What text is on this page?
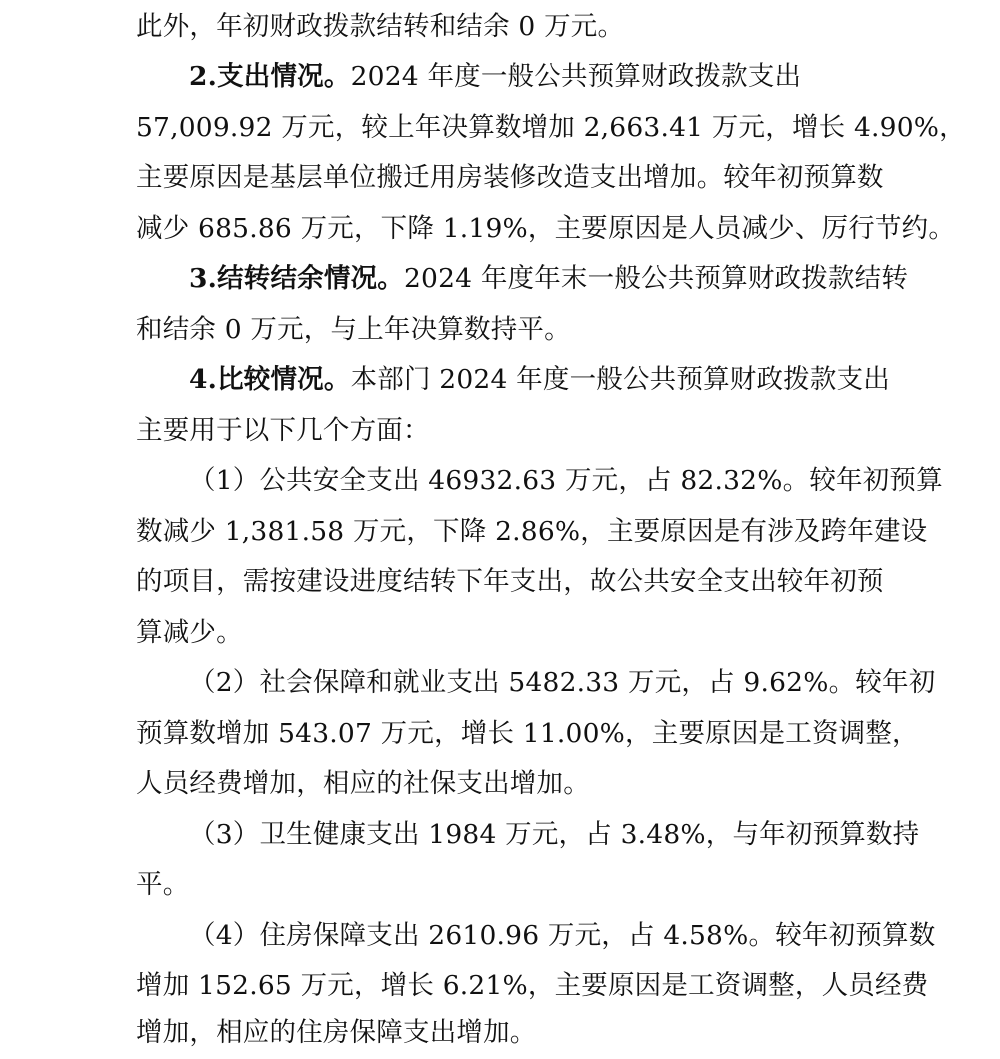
此外，年初财政拨款结转和结余 0 万元。
2.支出情况。2024 年度一般公共预算财政拨款支出
57,009.92 万元，较上年决算数增加 2,663.41 万元，增长 4.90%，
主要原因是基层单位搬迁用房装修改造支出增加。较年初预算数
减少 685.86 万元，下降 1.19%，主要原因是人员减少、厉行节约。
3.结转结余情况。2024 年度年末一般公共预算财政拨款结转
和结余 0 万元，与上年决算数持平。
4.比较情况。本部门 2024 年度一般公共预算财政拨款支出
主要用于以下几个方面：
（1）公共安全支出 46932.63 万元，占 82.32%。较年初预算
数减少 1,381.58 万元，下降 2.86%，主要原因是有涉及跨年建设
的项目，需按建设进度结转下年支出，故公共安全支出较年初预
算减少。
（2）社会保障和就业支出 5482.33 万元，占 9.62%。较年初
预算数增加 543.07 万元，增长 11.00%，主要原因是工资调整，
人员经费增加，相应的社保支出增加。
（3）卫生健康支出 1984 万元，占 3.48%，与年初预算数持
平。
（4）住房保障支出 2610.96 万元，占 4.58%。较年初预算数
增加 152.65 万元，增长 6.21%，主要原因是工资调整，人员经费
增加，相应的住房保障支出增加。
